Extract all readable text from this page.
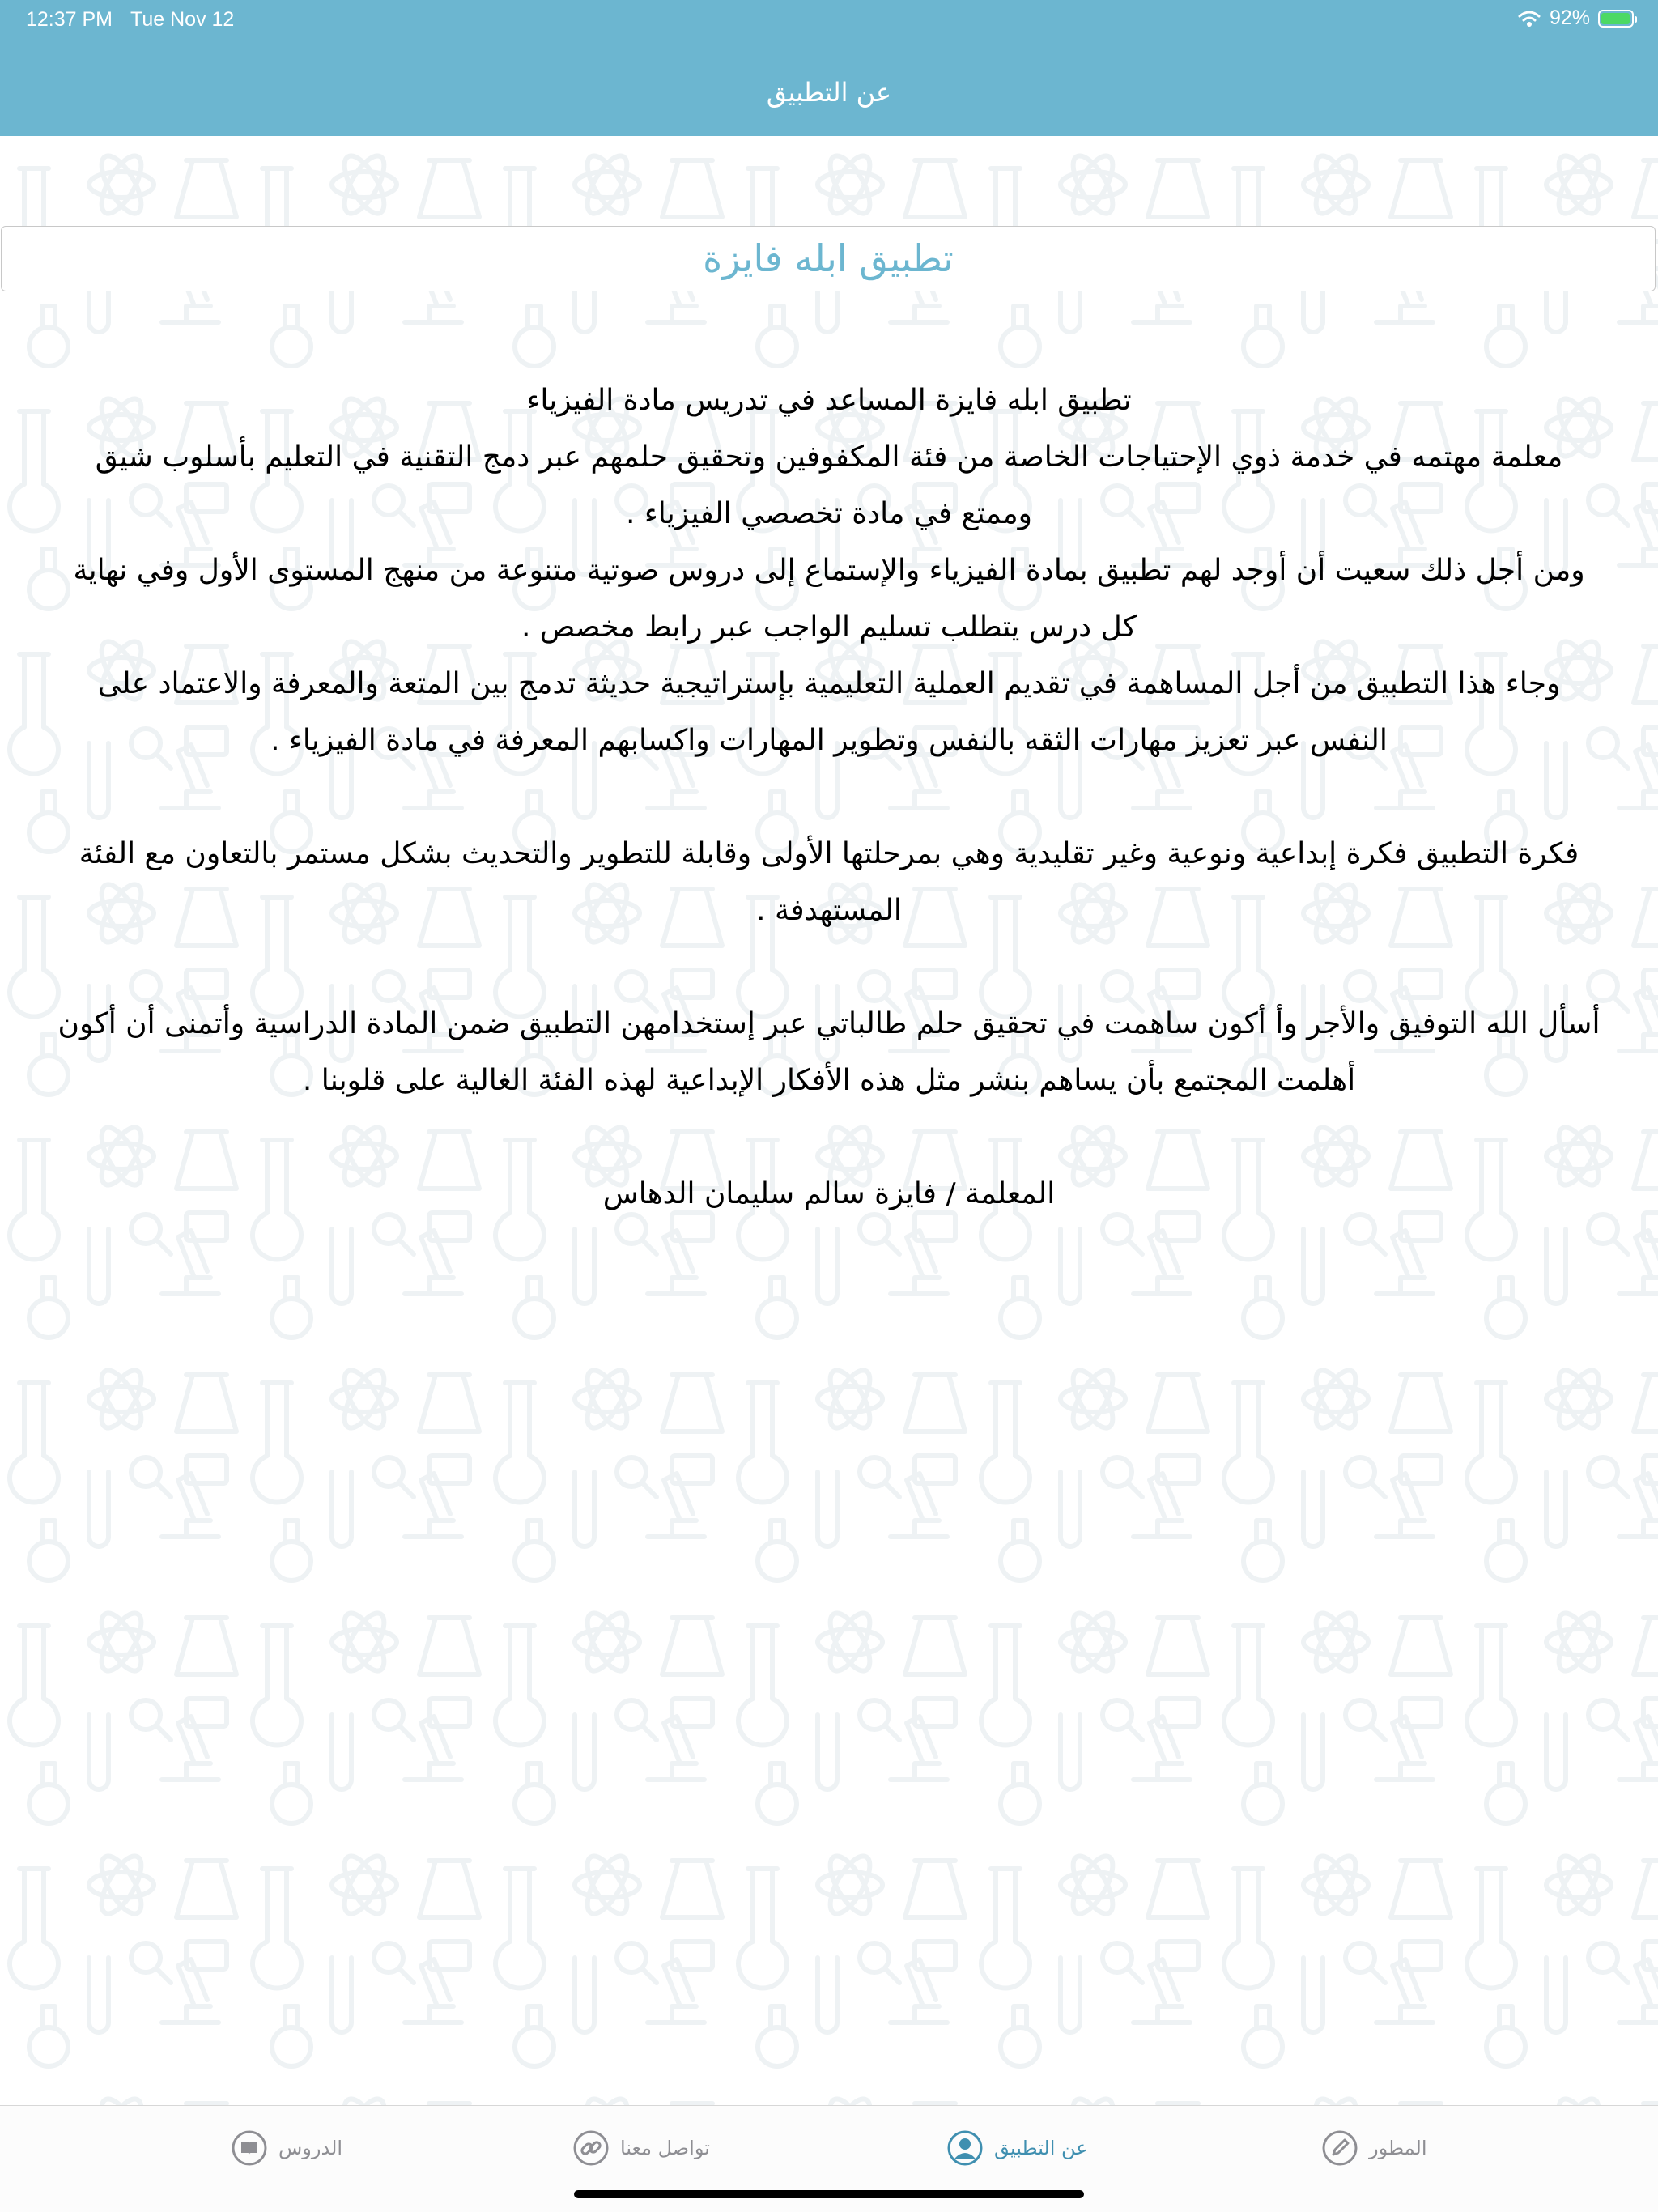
12:37 PM Tue Nov 12	92%
عن التطبيق
تطبيق ابله فايزة

تطبيق ابله فايزة المساعد في تدريس مادة الفيزياء

معلمة مهتمه في خدمة ذوي الإحتياجات الخاصة من فئة المكفوفين وتحقيق حلمهم عبر دمج التقنية في التعليم بأسلوب شيق

وممتع في مادة تخصصي الفيزياء .

ومن أجل ذلك سعيت أن أوجد لهم تطبيق بمادة الفيزياء والإستماع إلى دروس صوتية متنوعة من منهج المستوى الأول وفي نهاية

كل درس يتطلب تسليم الواجب عبر رابط مخصص .

وجاء هذا التطبيق من أجل المساهمة في تقديم العملية التعليمية بإستراتيجية حديثة تدمج بين المتعة والمعرفة والاعتماد على

النفس عبر تعزيز مهارات الثقه بالنفس وتطوير المهارات واكسابهم المعرفة في مادة الفيزياء .

فكرة التطبيق فكرة إبداعية ونوعية وغير تقليدية وهي بمرحلتها الأولى وقابلة للتطوير والتحديث بشكل مستمر بالتعاون مع الفئة

المستهدفة .

أسأل الله التوفيق والأجر وأ أكون ساهمت في تحقيق حلم طالباتي عبر إستخدامهن التطبيق ضمن المادة الدراسية وأتمنى أن أكون

أهلمت المجتمع بأن يساهم بنشر مثل هذه الأفكار الإبداعية لهذه الفئة الغالية على قلوبنا .

المعلمة / فايزة سالم سليمان الدهاس

الدروس	تواصل معنا	عن التطبيق	المطور
